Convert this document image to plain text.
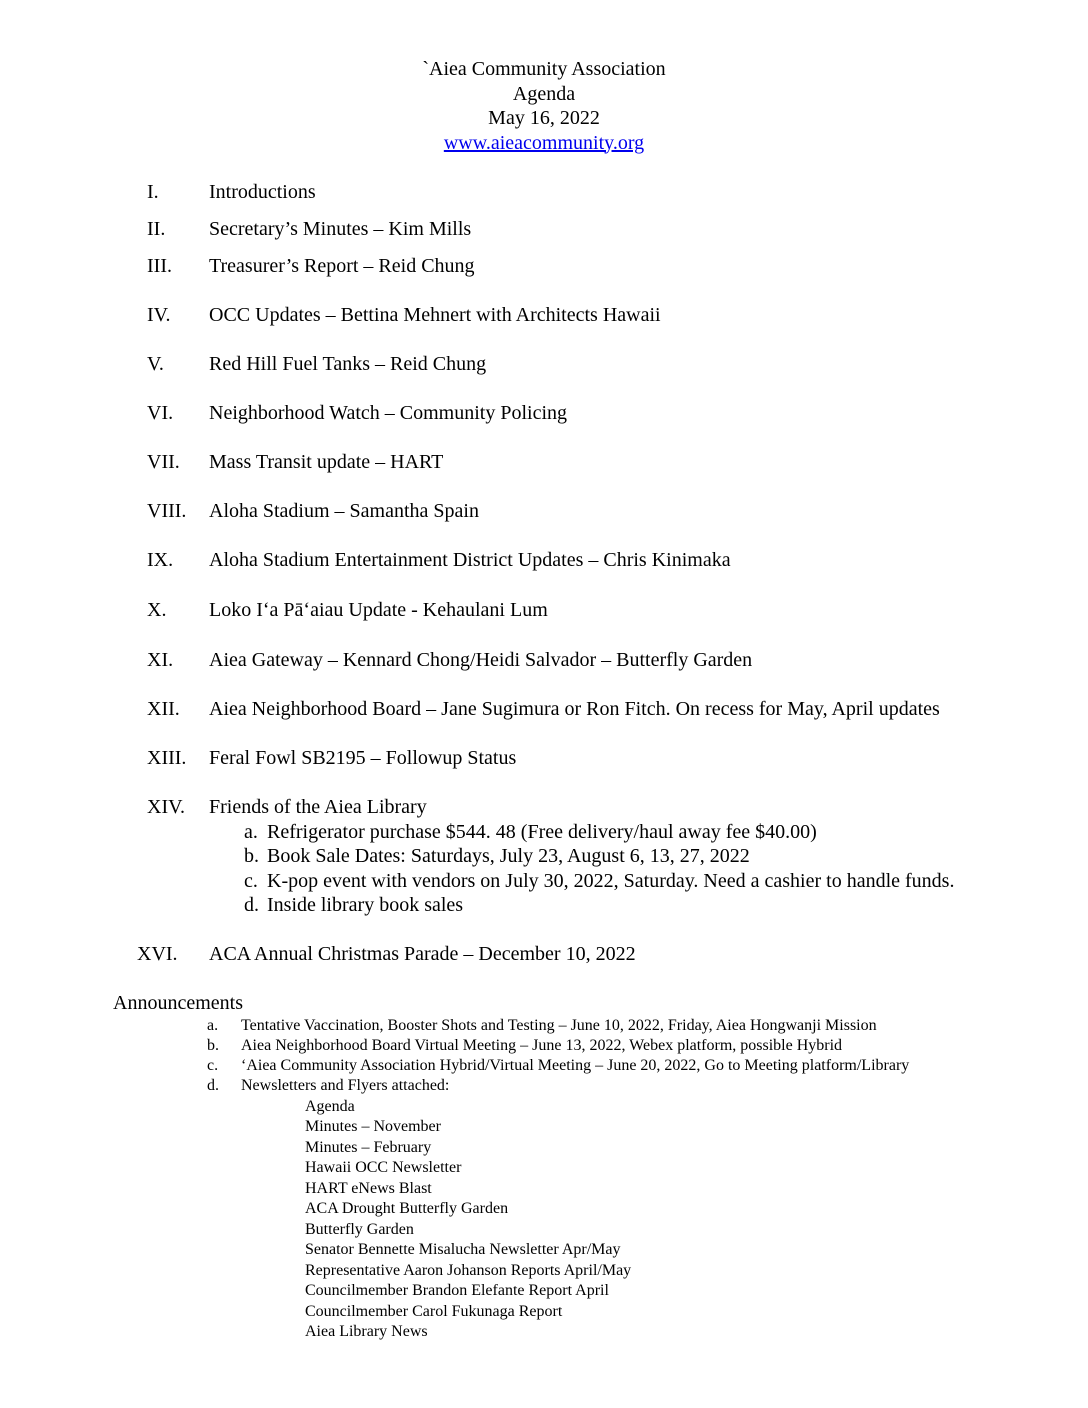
`Aiea Community Association
Agenda
May 16, 2022
www.aieacommunity.org
I.	Introductions
II. Secretary’s Minutes – Kim Mills
III. Treasurer’s Report – Reid Chung
IV. OCC Updates – Bettina Mehnert with Architects Hawaii
V. Red Hill Fuel Tanks – Reid Chung
VI. Neighborhood Watch – Community Policing
VII. Mass Transit update – HART
VIII. Aloha Stadium – Samantha Spain
IX. Aloha Stadium Entertainment District Updates – Chris Kinimaka
X. Loko Iʻa Pāʻaiau Update - Kehaulani Lum
XI. Aiea Gateway – Kennard Chong/Heidi Salvador – Butterfly Garden
XII. Aiea Neighborhood Board – Jane Sugimura or Ron Fitch. On recess for May, April updates
XIII. Feral Fowl SB2195 – Followup Status
XIV. Friends of the Aiea Library
a. Refrigerator purchase $544. 48 (Free delivery/haul away fee $40.00)
b. Book Sale Dates: Saturdays, July 23, August 6, 13, 27, 2022
c. K-pop event with vendors on July 30, 2022, Saturday. Need a cashier to handle funds.
d. Inside library book sales
XVI. ACA Annual Christmas Parade – December 10, 2022
Announcements
a. Tentative Vaccination, Booster Shots and Testing – June 10, 2022, Friday, Aiea Hongwanji Mission
b. Aiea Neighborhood Board Virtual Meeting – June 13, 2022, Webex platform, possible Hybrid
c. ‘Aiea Community Association Hybrid/Virtual Meeting – June 20, 2022, Go to Meeting platform/Library
d. Newsletters and Flyers attached:
Agenda
Minutes – November
Minutes – February
Hawaii OCC Newsletter
HART eNews Blast
ACA Drought Butterfly Garden
Butterfly Garden
Senator Bennette Misalucha Newsletter Apr/May
Representative Aaron Johanson Reports April/May
Councilmember Brandon Elefante Report April
Councilmember Carol Fukunaga Report
Aiea Library News
